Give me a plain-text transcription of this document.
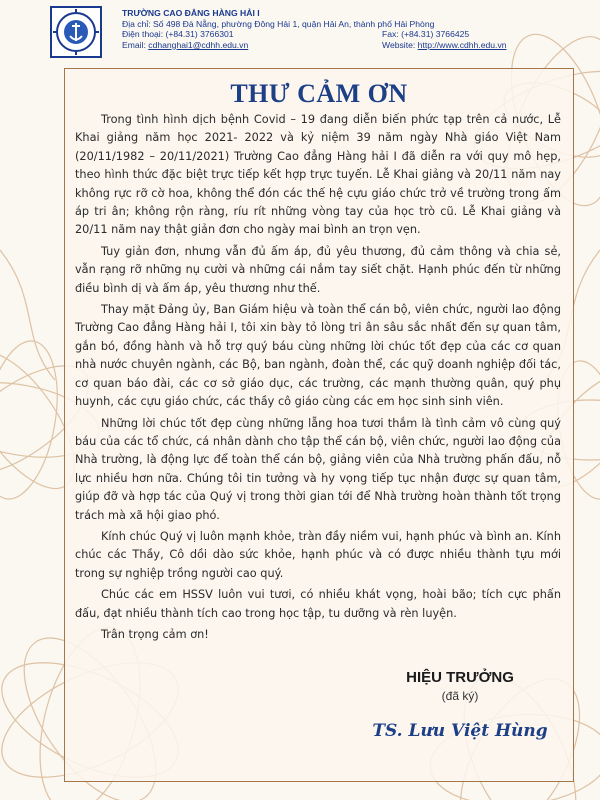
TRƯỜNG CAO ĐẲNG HÀNG HẢI I
Địa chỉ: Số 498 Đà Nẵng, phường Đông Hải 1, quận Hải An, thành phố Hải Phòng
Điện thoại: (+84.31) 3766301	Fax: (+84.31) 3766425
Email: cdhanghai1@cdhh.edu.vn	Website: http://www.cdhh.edu.vn
THƯ CẢM ƠN

Trong tình hình dịch bệnh Covid – 19 đang diễn biến phức tạp trên cả nước, Lễ Khai giảng năm học 2021- 2022 và kỷ niệm 39 năm ngày Nhà giáo Việt Nam (20/11/1982 – 20/11/2021) Trường Cao đẳng Hàng hải I đã diễn ra với quy mô hẹp, theo hình thức đặc biệt trực tiếp kết hợp trực tuyến. Lễ Khai giảng và 20/11 năm nay không rực rỡ cờ hoa, không thể đón các thế hệ cựu giáo chức trở về trường trong ấm áp tri ân; không rộn ràng, ríu rít những vòng tay của học trò cũ. Lễ Khai giảng và 20/11 năm nay thật giản đơn cho ngày mai bình an trọn vẹn.

Tuy giản đơn, nhưng vẫn đủ ấm áp, đủ yêu thương, đủ cảm thông và chia sẻ, vẫn rạng rỡ những nụ cười và những cái nắm tay siết chặt. Hạnh phúc đến từ những điều bình dị và ấm áp, yêu thương như thế.

Thay mặt Đảng ủy, Ban Giám hiệu và toàn thể cán bộ, viên chức, người lao động Trường Cao đẳng Hàng hải I, tôi xin bày tỏ lòng tri ân sâu sắc nhất đến sự quan tâm, gắn bó, đồng hành và hỗ trợ quý báu cùng những lời chúc tốt đẹp của các cơ quan nhà nước chuyên ngành, các Bộ, ban ngành, đoàn thể, các quỹ doanh nghiệp đối tác, cơ quan báo đài, các cơ sở giáo dục, các trường, các mạnh thường quân, quý phụ huynh, các cựu giáo chức, các thầy cô giáo cùng các em học sinh sinh viên.

Những lời chúc tốt đẹp cùng những lẵng hoa tươi thắm là tình cảm vô cùng quý báu của các tổ chức, cá nhân dành cho tập thể cán bộ, viên chức, người lao động của Nhà trường, là động lực để toàn thể cán bộ, giảng viên của Nhà trường phấn đấu, nỗ lực nhiều hơn nữa. Chúng tôi tin tưởng và hy vọng tiếp tục nhận được sự quan tâm, giúp đỡ và hợp tác của Quý vị trong thời gian tới để Nhà trường hoàn thành tốt trọng trách mà xã hội giao phó.

Kính chúc Quý vị luôn mạnh khỏe, tràn đầy niềm vui, hạnh phúc và bình an. Kính chúc các Thầy, Cô dồi dào sức khỏe, hạnh phúc và có được nhiều thành tựu mới trong sự nghiệp trồng người cao quý.

Chúc các em HSSV luôn vui tươi, có nhiều khát vọng, hoài bão; tích cực phấn đấu, đạt nhiều thành tích cao trong học tập, tu dưỡng và rèn luyện.

Trân trọng cảm ơn!

HIỆU TRƯỞNG
(đã ký)
TS. Lưu Việt Hùng
